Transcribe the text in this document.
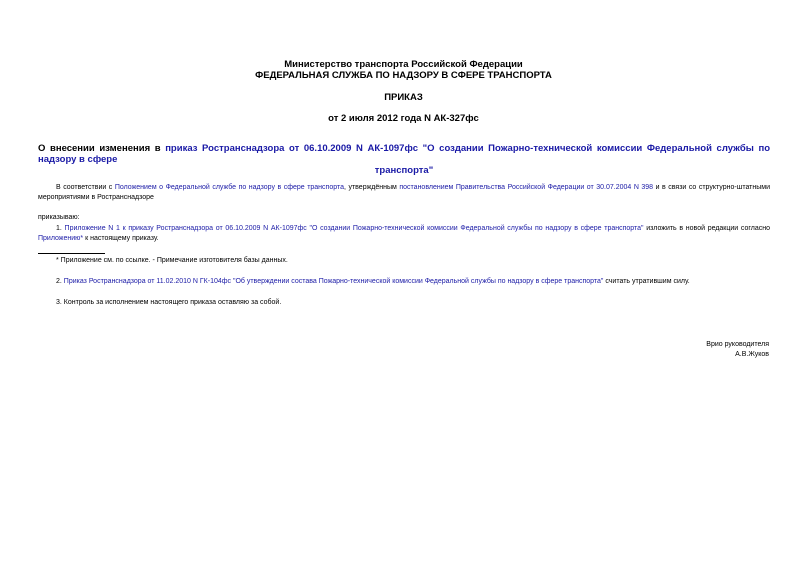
Министерство транспорта Российской Федерации
ФЕДЕРАЛЬНАЯ СЛУЖБА ПО НАДЗОРУ В СФЕРЕ ТРАНСПОРТА
ПРИКАЗ
от 2 июля 2012 года N АК-327фс
О внесении изменения в приказ Ространснадзора от 06.10.2009 N АК-1097фс "О создании Пожарно-технической комиссии Федеральной службы по надзору в сфере
транспорта"
В соответствии с Положением о Федеральной службе по надзору в сфере транспорта, утверждённым постановлением Правительства Российской Федерации от 30.07.2004 N 398 и в связи со структурно-штатными мероприятиями в Ространснадзоре
приказываю:
1. Приложение N 1 к приказу Ространснадзора от 06.10.2009 N АК-1097фс "О создании Пожарно-технической комиссии Федеральной службы по надзору в сфере транспорта" изложить в новой редакции согласно Приложению* к настоящему приказу.
* Приложение см. по ссылке. - Примечание изготовителя базы данных.
2. Приказ Ространснадзора от 11.02.2010 N ГК-104фс "Об утверждении состава Пожарно-технической комиссии Федеральной службы по надзору в сфере транспорта" считать утратившим силу.
3. Контроль за исполнением настоящего приказа оставляю за собой.
Врио руководителя
А.В.Жуков
